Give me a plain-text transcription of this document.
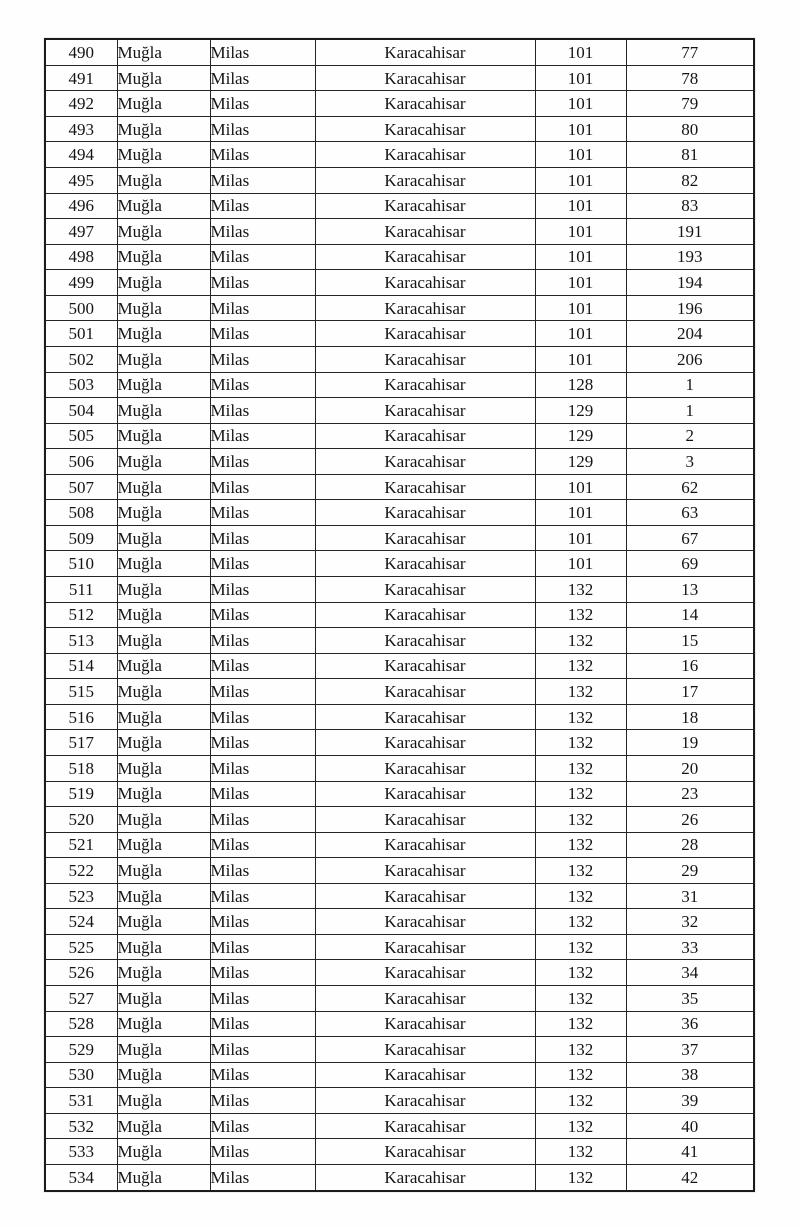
490	Muğla	Milas	Karacahisar	101	77
491	Muğla	Milas	Karacahisar	101	78
492	Muğla	Milas	Karacahisar	101	79
493	Muğla	Milas	Karacahisar	101	80
494	Muğla	Milas	Karacahisar	101	81
495	Muğla	Milas	Karacahisar	101	82
496	Muğla	Milas	Karacahisar	101	83
497	Muğla	Milas	Karacahisar	101	191
498	Muğla	Milas	Karacahisar	101	193
499	Muğla	Milas	Karacahisar	101	194
500	Muğla	Milas	Karacahisar	101	196
501	Muğla	Milas	Karacahisar	101	204
502	Muğla	Milas	Karacahisar	101	206
503	Muğla	Milas	Karacahisar	128	1
504	Muğla	Milas	Karacahisar	129	1
505	Muğla	Milas	Karacahisar	129	2
506	Muğla	Milas	Karacahisar	129	3
507	Muğla	Milas	Karacahisar	101	62
508	Muğla	Milas	Karacahisar	101	63
509	Muğla	Milas	Karacahisar	101	67
510	Muğla	Milas	Karacahisar	101	69
511	Muğla	Milas	Karacahisar	132	13
512	Muğla	Milas	Karacahisar	132	14
513	Muğla	Milas	Karacahisar	132	15
514	Muğla	Milas	Karacahisar	132	16
515	Muğla	Milas	Karacahisar	132	17
516	Muğla	Milas	Karacahisar	132	18
517	Muğla	Milas	Karacahisar	132	19
518	Muğla	Milas	Karacahisar	132	20
519	Muğla	Milas	Karacahisar	132	23
520	Muğla	Milas	Karacahisar	132	26
521	Muğla	Milas	Karacahisar	132	28
522	Muğla	Milas	Karacahisar	132	29
523	Muğla	Milas	Karacahisar	132	31
524	Muğla	Milas	Karacahisar	132	32
525	Muğla	Milas	Karacahisar	132	33
526	Muğla	Milas	Karacahisar	132	34
527	Muğla	Milas	Karacahisar	132	35
528	Muğla	Milas	Karacahisar	132	36
529	Muğla	Milas	Karacahisar	132	37
530	Muğla	Milas	Karacahisar	132	38
531	Muğla	Milas	Karacahisar	132	39
532	Muğla	Milas	Karacahisar	132	40
533	Muğla	Milas	Karacahisar	132	41
534	Muğla	Milas	Karacahisar	132	42
